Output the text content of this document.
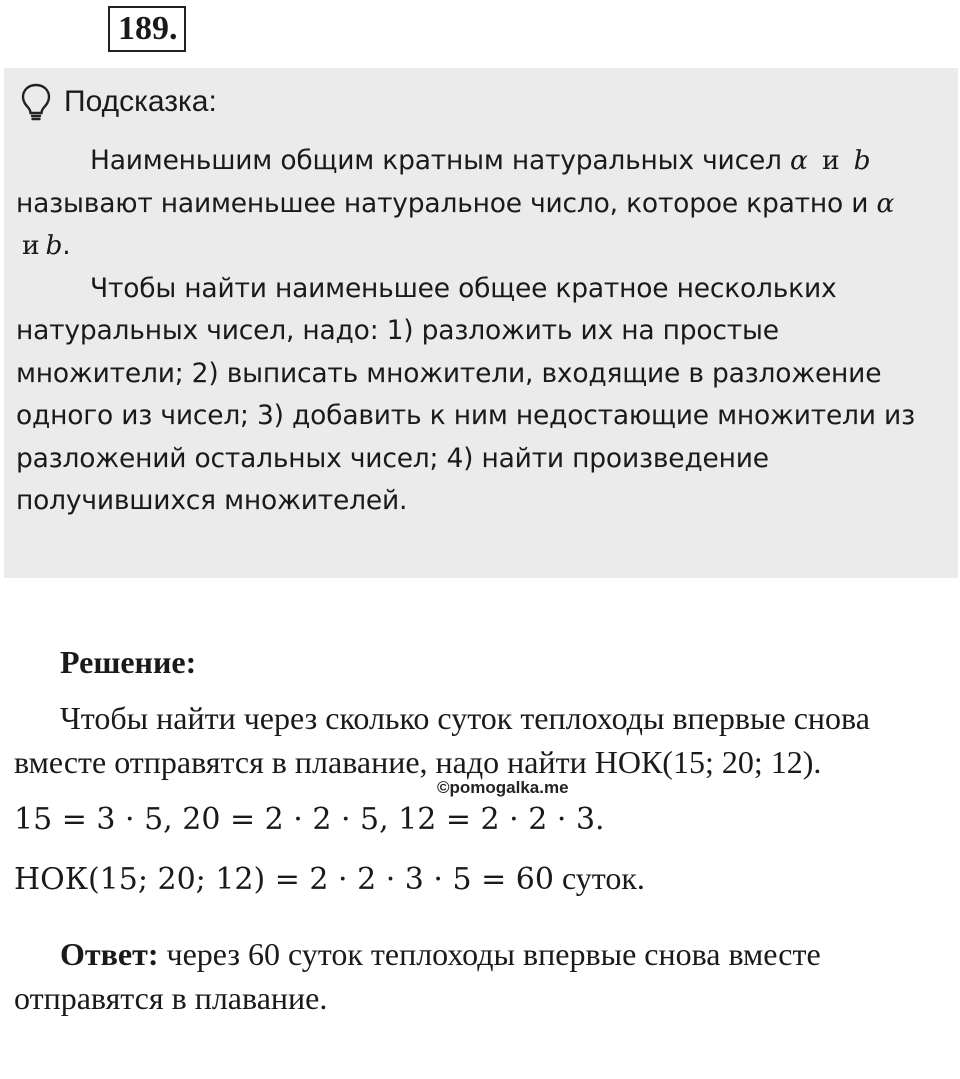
189.
Подсказка:

Наименьшим общим кратным натуральных чисел 𝛼 и 𝑏 называют наименьшее натуральное число, которое кратно и 𝛼 и 𝑏.

Чтобы найти наименьшее общее кратное нескольких натуральных чисел, надо: 1) разложить их на простые множители; 2) выписать множители, входящие в разложение одного из чисел; 3) добавить к ним недостающие множители из разложений остальных чисел; 4) найти произведение получившихся множителей.

©pomogalka.me

Решение:

Чтобы найти через сколько суток теплоходы впервые снова вместе отправятся в плавание, надо найти НОК(15; 20; 12).

15 = 3 · 5, 20 = 2 · 2 · 5, 12 = 2 · 2 · 3.

НОК(15; 20; 12) = 2 · 2 · 3 · 5 = 60 суток.

Ответ: через 60 суток теплоходы впервые снова вместе отправятся в плавание.
